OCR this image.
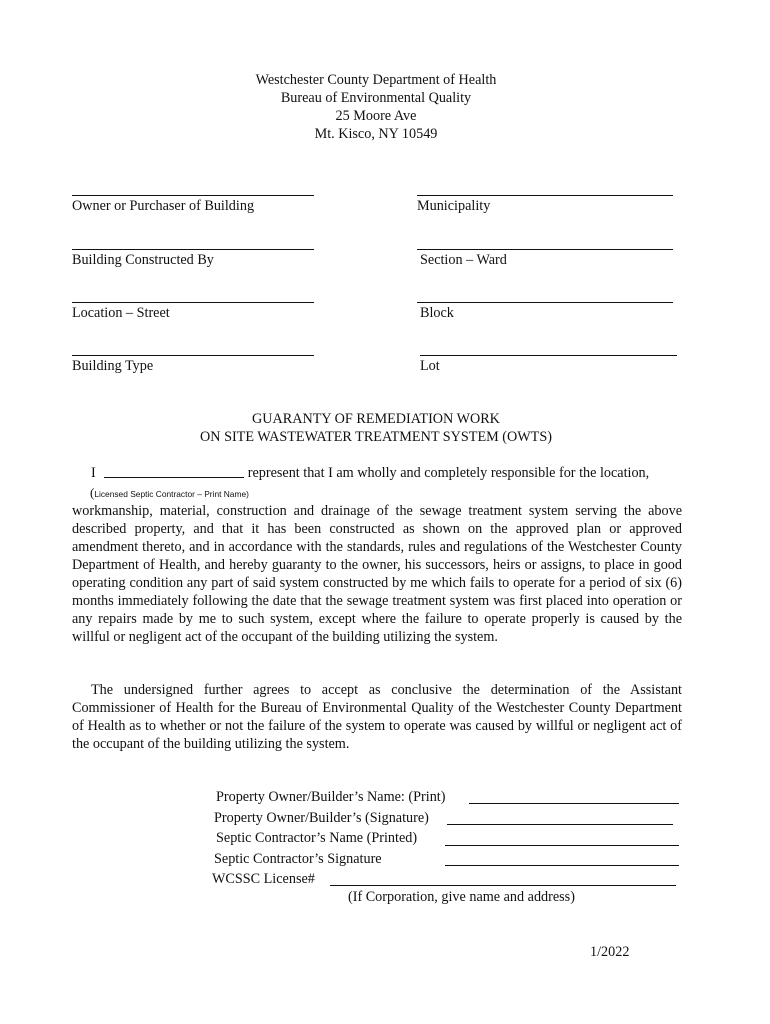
Westchester County Department of Health
Bureau of Environmental Quality
25 Moore Ave
Mt. Kisco, NY 10549
Owner or Purchaser of Building
Building Constructed By
Location – Street
Building Type
Municipality
Section – Ward
Block
Lot
GUARANTY OF REMEDIATION WORK
ON SITE WASTEWATER TREATMENT SYSTEM (OWTS)
I	represent that I am wholly and completely responsible for the location,
(Licensed Septic Contractor – Print Name)

workmanship, material, construction and drainage of the sewage treatment system serving the above described property, and that it has been constructed as shown on the approved plan or approved amendment thereto, and in accordance with the standards, rules and regulations of the Westchester County Department of Health, and hereby guaranty to the owner, his successors, heirs or assigns, to place in good operating condition any part of said system constructed by me which fails to operate for a period of six (6) months immediately following the date that the sewage treatment system was first placed into operation or any repairs made by me to such system, except where the failure to operate properly is caused by the willful or negligent act of the occupant of the building utilizing the system.

The undersigned further agrees to accept as conclusive the determination of the Assistant Commissioner of Health for the Bureau of Environmental Quality of the Westchester County Department of Health as to whether or not the failure of the system to operate was caused by willful or negligent act of the occupant of the building utilizing the system.

Property Owner/Builder’s Name: (Print)
Property Owner/Builder’s (Signature)
Septic Contractor’s Name (Printed)
Septic Contractor’s Signature
WCSSC License#
(If Corporation, give name and address)
1/2022
